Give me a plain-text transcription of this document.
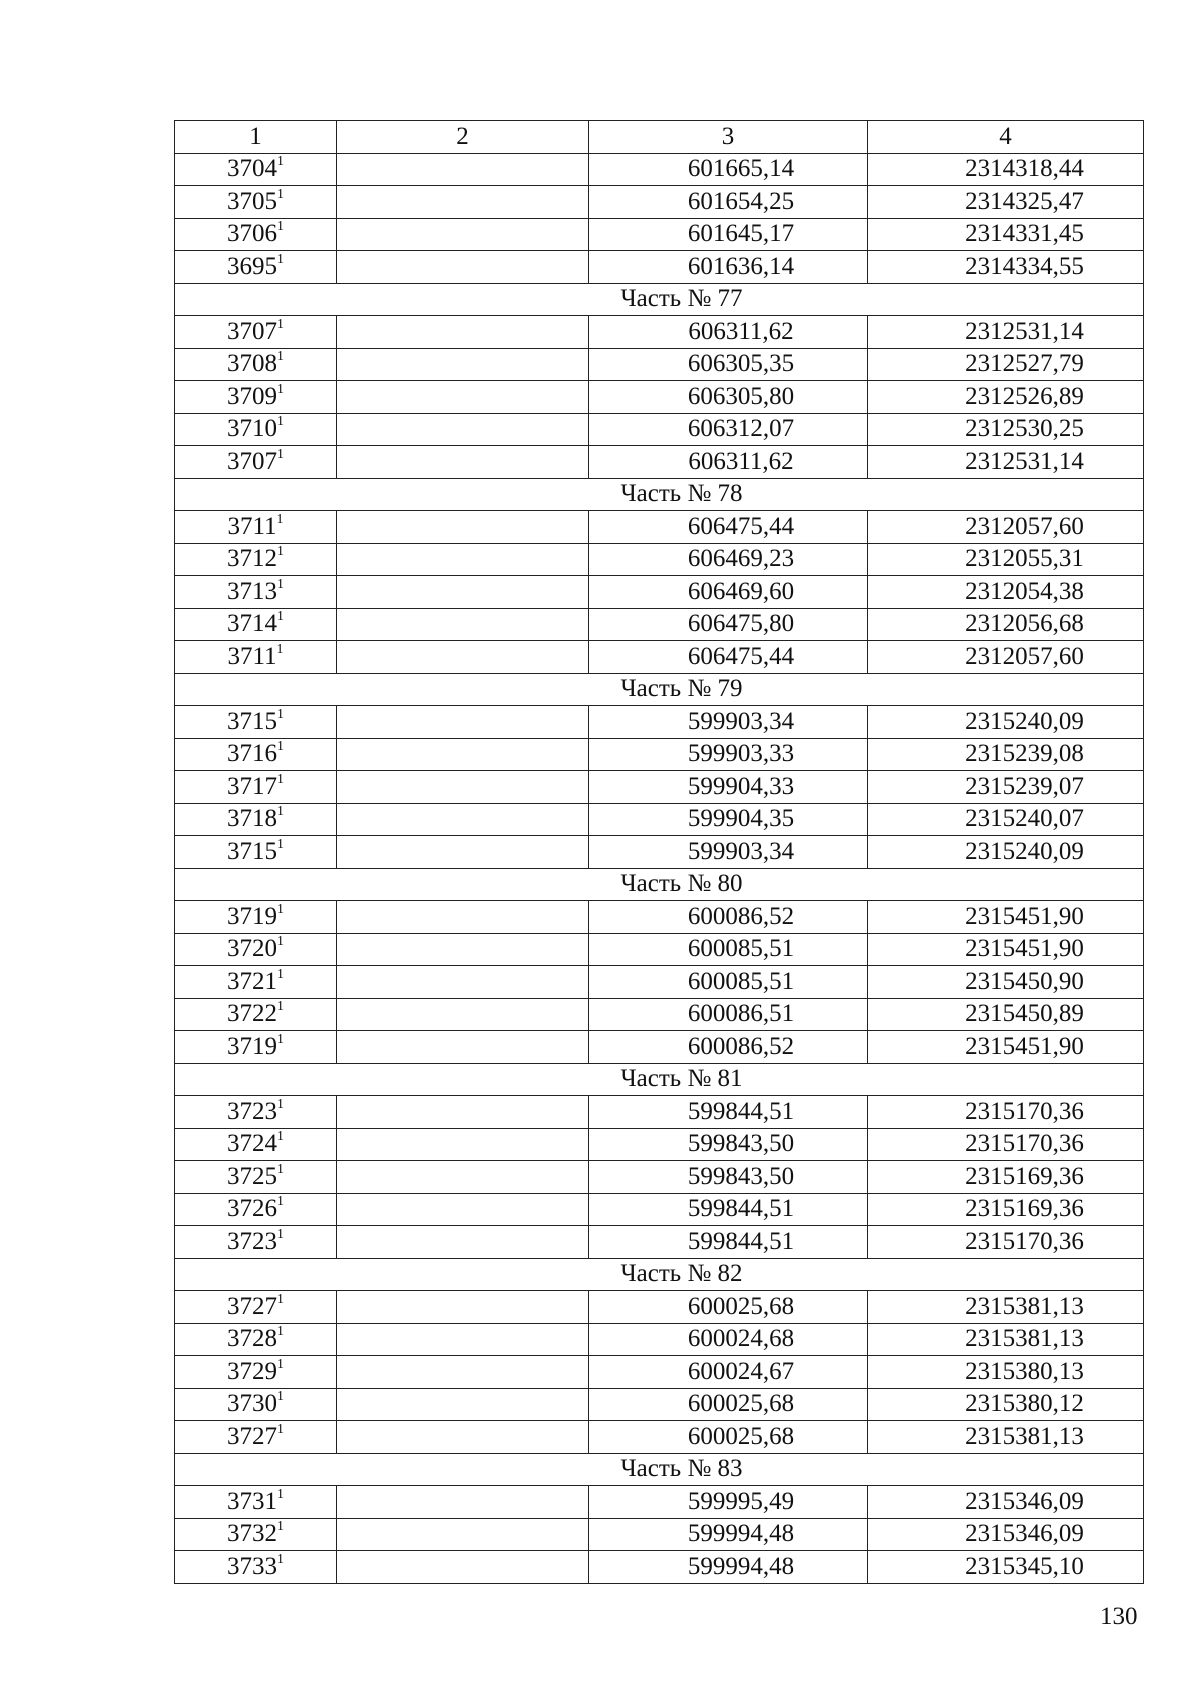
1	2	3	4
3704$^1$		601665,14	2314318,44
3705$^1$		601654,25	2314325,47
3706$^1$		601645,17	2314331,45
3695$^1$		601636,14	2314334,55
Часть № 77			
3707$^1$		606311,62	2312531,14
3708$^1$		606305,35	2312527,79
3709$^1$		606305,80	2312526,89
3710$^1$		606312,07	2312530,25
3707$^1$		606311,62	2312531,14
Часть № 78			
3711$^1$		606475,44	2312057,60
3712$^1$		606469,23	2312055,31
3713$^1$		606469,60	2312054,38
3714$^1$		606475,80	2312056,68
3711$^1$		606475,44	2312057,60
Часть № 79			
3715$^1$		599903,34	2315240,09
3716$^1$		599903,33	2315239,08
3717$^1$		599904,33	2315239,07
3718$^1$		599904,35	2315240,07
3715$^1$		599903,34	2315240,09
Часть № 80			
3719$^1$		600086,52	2315451,90
3720$^1$		600085,51	2315451,90
3721$^1$		600085,51	2315450,90
3722$^1$		600086,51	2315450,89
3719$^1$		600086,52	2315451,90
Часть № 81			
3723$^1$		599844,51	2315170,36
3724$^1$		599843,50	2315170,36
3725$^1$		599843,50	2315169,36
3726$^1$		599844,51	2315169,36
3723$^1$		599844,51	2315170,36
Часть № 82			
3727$^1$		600025,68	2315381,13
3728$^1$		600024,68	2315381,13
3729$^1$		600024,67	2315380,13
3730$^1$		600025,68	2315380,12
3727$^1$		600025,68	2315381,13
Часть № 83			
3731$^1$		599995,49	2315346,09
3732$^1$		599994,48	2315346,09
3733$^1$		599994,48	2315345,10
130
